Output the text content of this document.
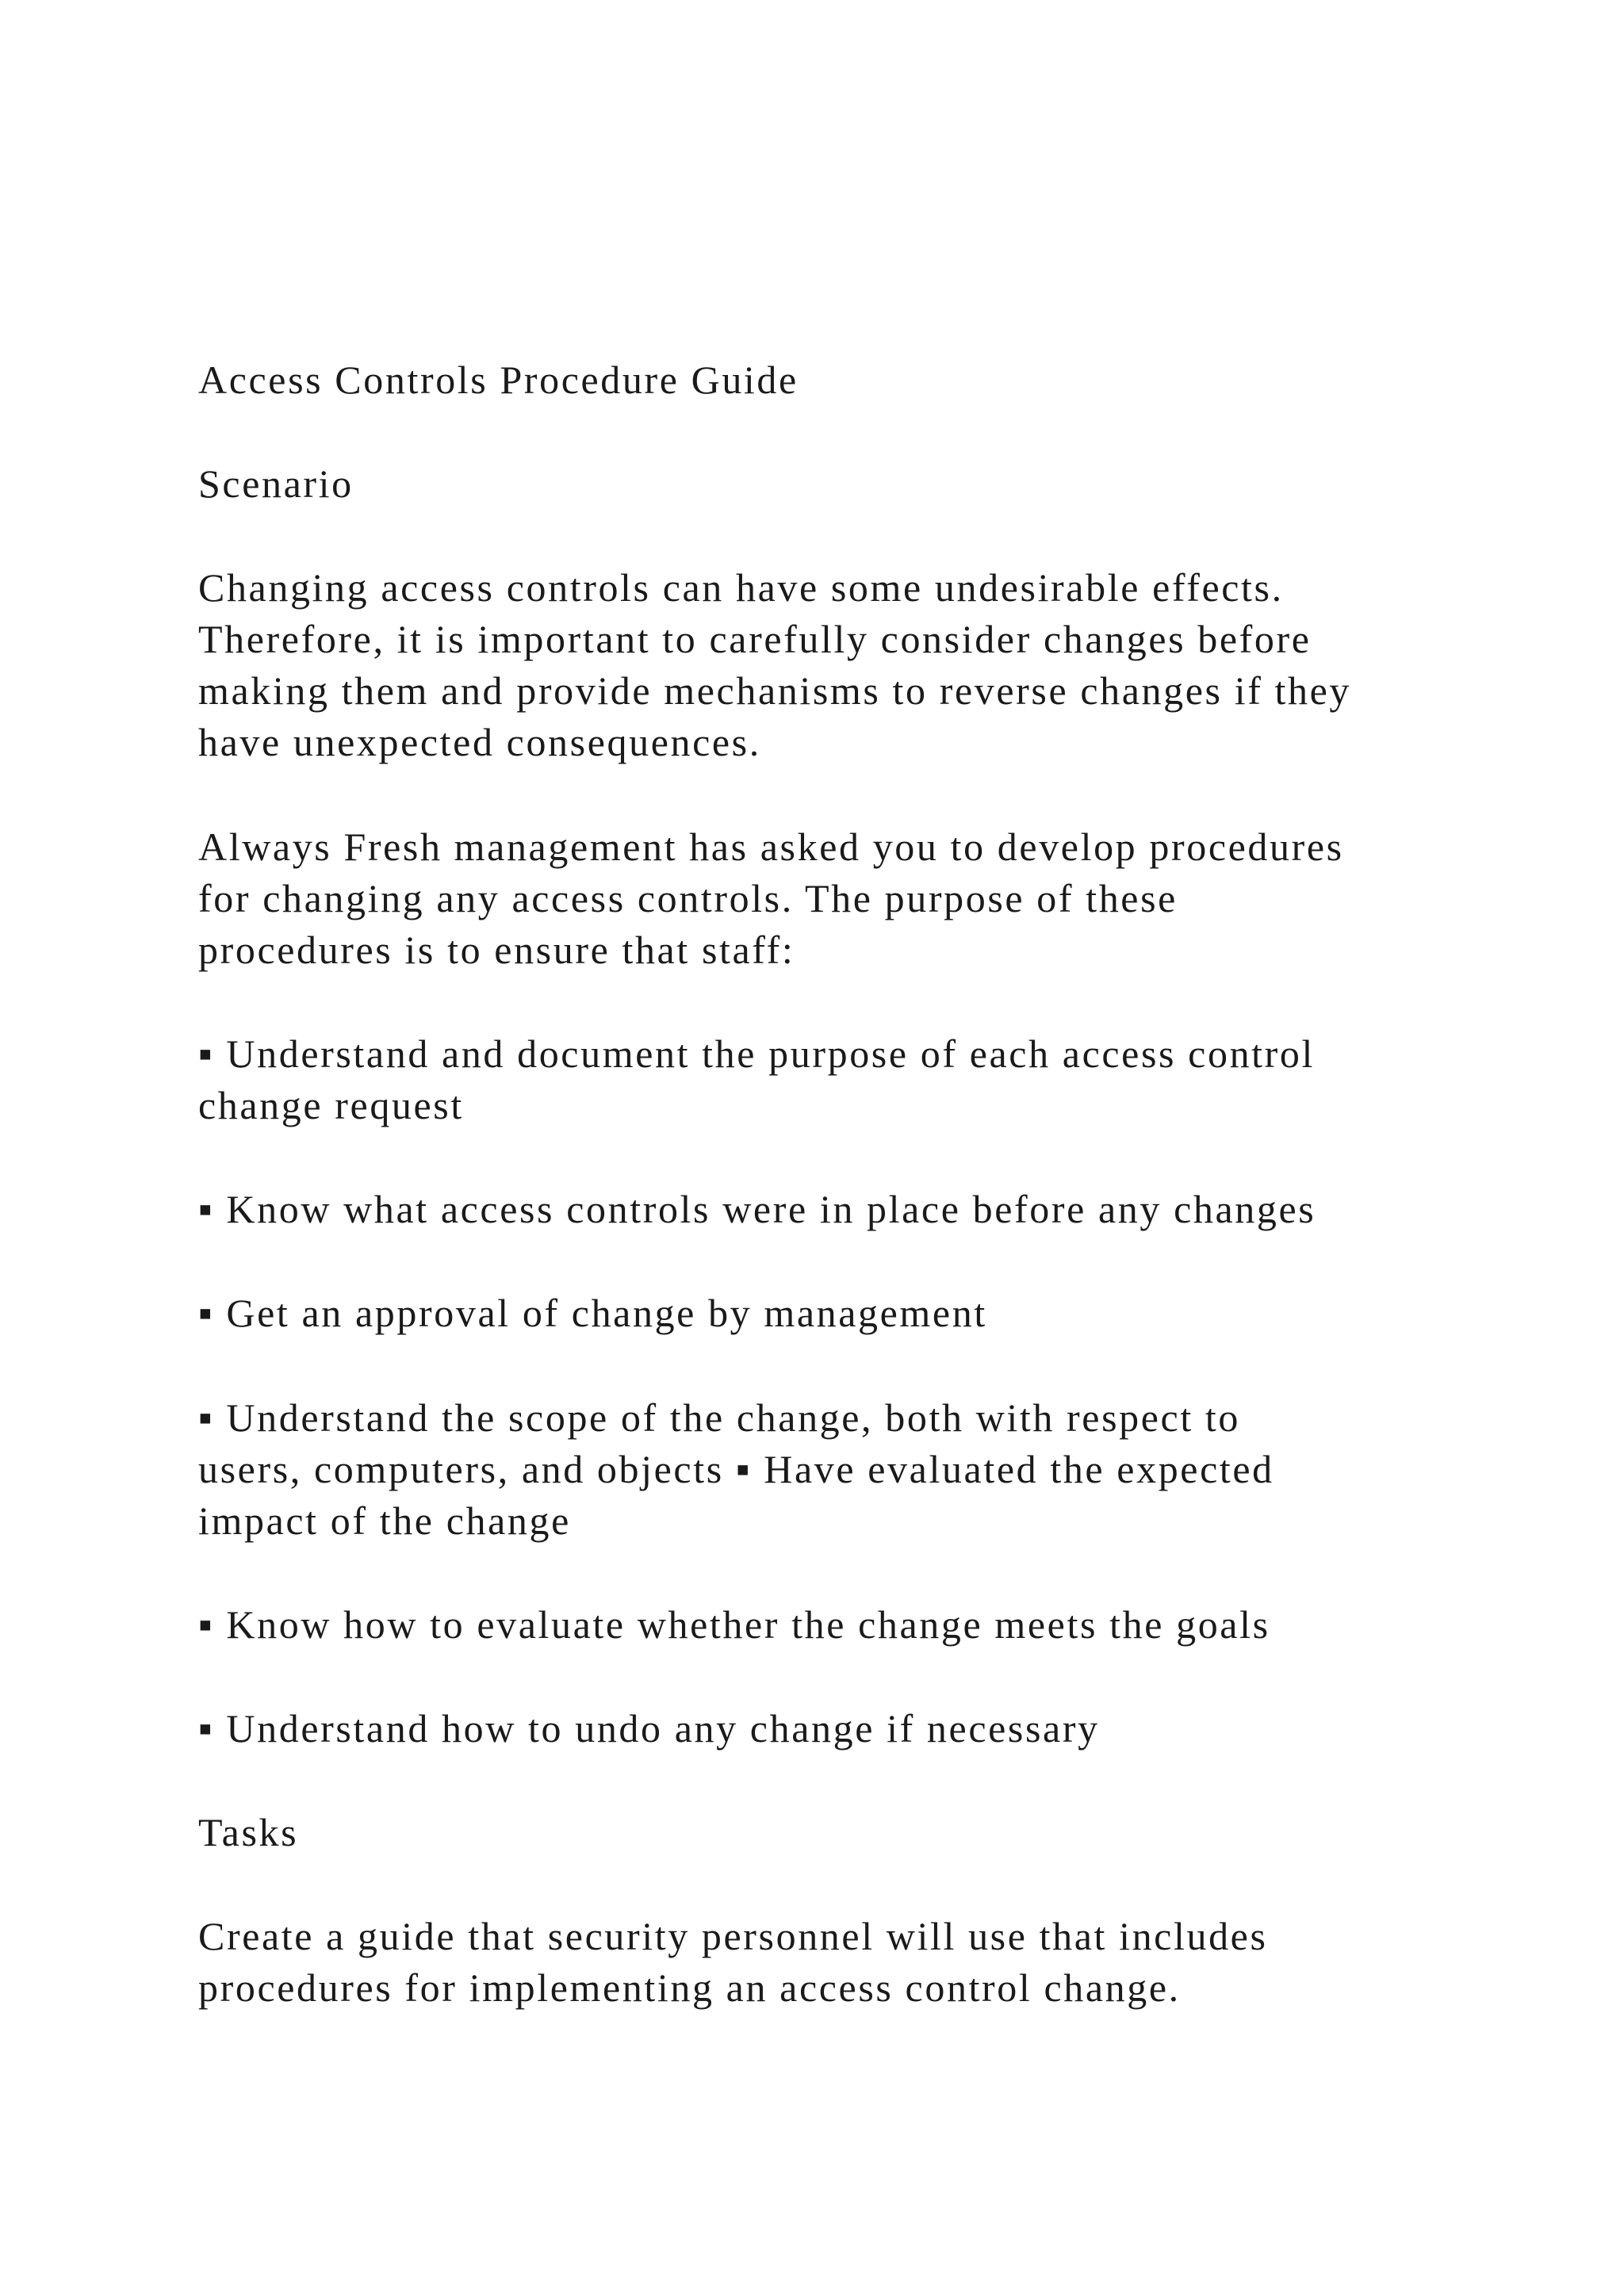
Access Controls Procedure Guide

Scenario

Changing access controls can have some undesirable effects.

Therefore, it is important to carefully consider changes before

making them and provide mechanisms to reverse changes if they

have unexpected consequences.

Always Fresh management has asked you to develop procedures

for changing any access controls. The purpose of these

procedures is to ensure that staff:

▪ Understand and document the purpose of each access control

change request

▪ Know what access controls were in place before any changes

▪ Get an approval of change by management

▪ Understand the scope of the change, both with respect to

users, computers, and objects ▪ Have evaluated the expected

impact of the change

▪ Know how to evaluate whether the change meets the goals

▪ Understand how to undo any change if necessary

Tasks

Create a guide that security personnel will use that includes

procedures for implementing an access control change.
